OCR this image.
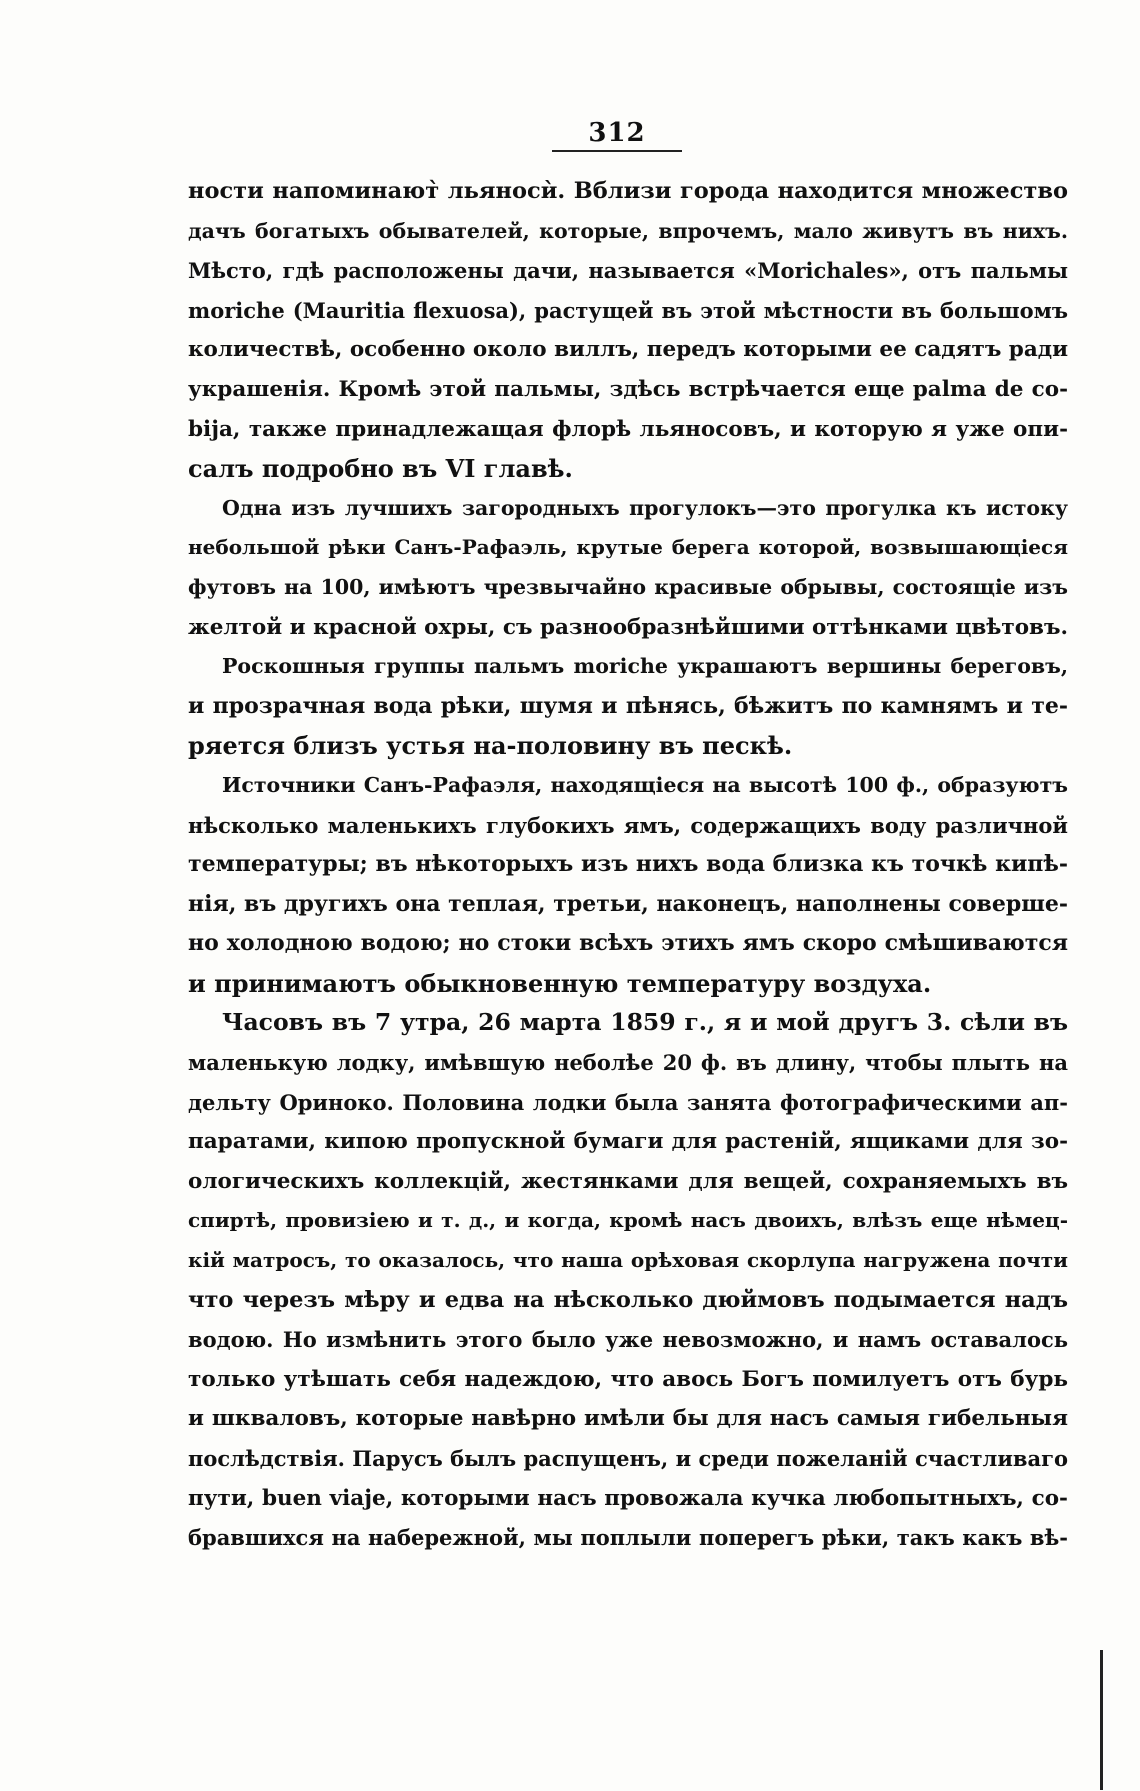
312
ности напоминают̀ льяносѝ. Вблизи города находится множество
дачъ богатыхъ обывателей, которые, впрочемъ, мало живутъ въ нихъ.
Мѣсто, гдѣ расположены дачи, называется «Morichales», отъ пальмы
moriche (Mauritia flexuosa), растущей въ этой мѣстности въ большомъ
количествѣ, особенно около виллъ, передъ которыми ее садятъ ради
украшенія. Кромѣ этой пальмы, здѣсь встрѣчается еще palma de co-
bija, также принадлежащая флорѣ льяносовъ, и которую я уже опи-
салъ подробно въ VI главѣ.
Одна изъ лучшихъ загородныхъ прогулокъ—это прогулка къ истоку
небольшой рѣки Санъ-Рафаэль, крутые берега которой, возвышающіеся
футовъ на 100, имѣютъ чрезвычайно красивые обрывы, состоящіе изъ
желтой и красной охры, съ разнообразнѣйшими оттѣнками цвѣтовъ.
Роскошныя группы пальмъ moriche украшаютъ вершины береговъ,
и прозрачная вода рѣки, шумя и пѣнясь, бѣжитъ по камнямъ и те-
ряется близъ устья на-половину въ пескѣ.
Источники Санъ-Рафаэля, находящіеся на высотѣ 100 ф., образуютъ
нѣсколько маленькихъ глубокихъ ямъ, содержащихъ воду различной
температуры; въ нѣкоторыхъ изъ нихъ вода близка къ точкѣ кипѣ-
нія, въ другихъ она теплая, третьи, наконецъ, наполнены соверше-
но холодною водою; но стоки всѣхъ этихъ ямъ скоро смѣшиваются
и принимаютъ обыкновенную температуру воздуха.
Часовъ въ 7 утра, 26 марта 1859 г., я и мой другъ 3. сѣли въ
маленькую лодку, имѣвшую неболѣе 20 ф. въ длину, чтобы плыть на
дельту Ориноко. Половина лодки была занята фотографическими ап-
паратами, кипою пропускной бумаги для растеній, ящиками для зо-
ологическихъ коллекцій, жестянками для вещей, сохраняемыхъ въ
спиртѣ, провизіею и т. д., и когда, кромѣ насъ двоихъ, влѣзъ еще нѣмец-
кій матросъ, то оказалось, что наша орѣховая скорлупа нагружена почти
что черезъ мѣру и едва на нѣсколько дюймовъ подымается надъ
водою. Но измѣнить этого было уже невозможно, и намъ оставалось
только утѣшать себя надеждою, что авось Богъ помилуетъ отъ бурь
и шквaловъ, которые навѣрно имѣли бы для насъ самыя гибельныя
послѣдствія. Парусъ былъ распущенъ, и среди пожеланій счастливаго
пути, buen viaje, которыми насъ провожала кучка любопытныхъ, со-
бравшихся на набережной, мы поплыли поперегъ рѣки, такъ какъ вѣ-
